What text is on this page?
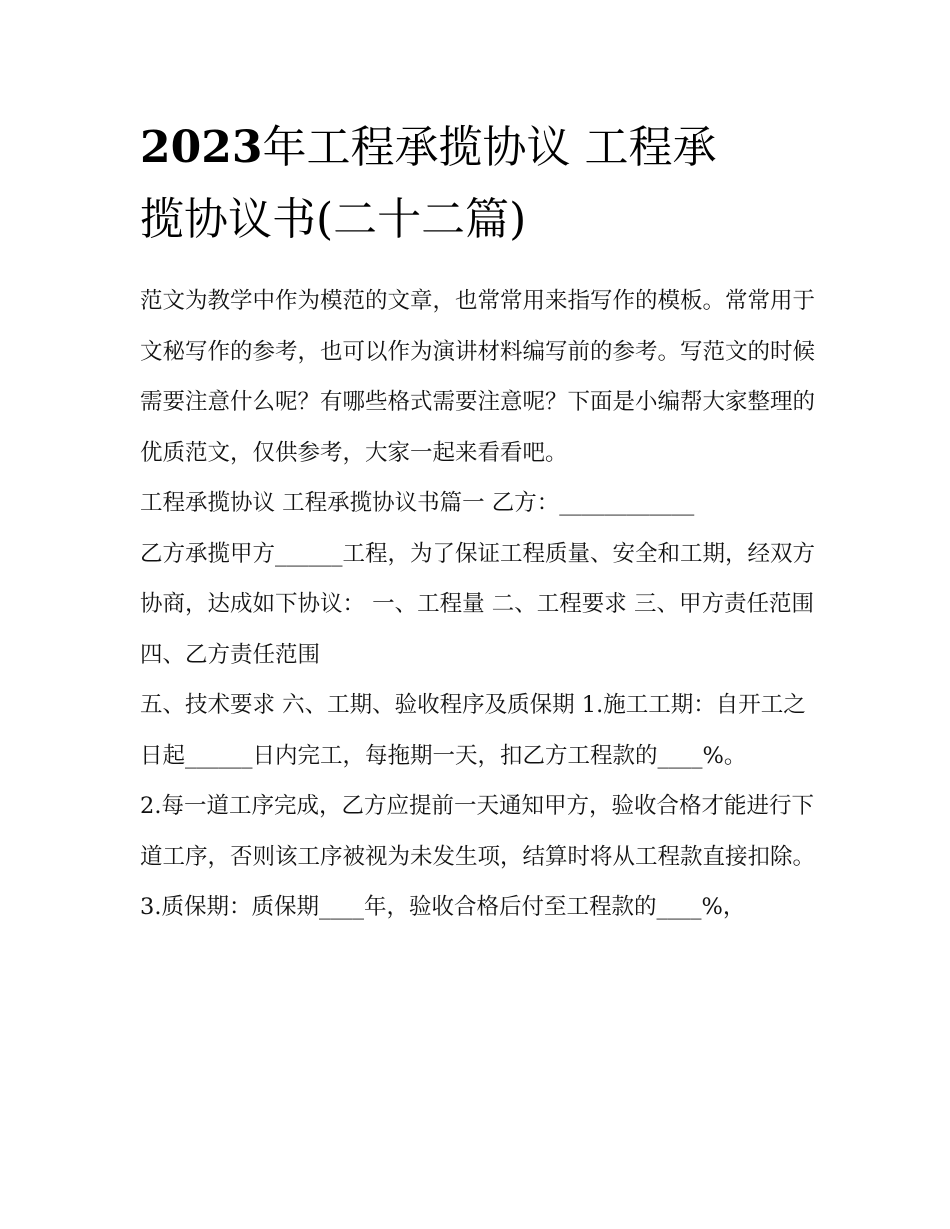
2023年工程承揽协议 工程承
揽协议书(二十二篇)

范文为教学中作为模范的文章，也常常用来指写作的模板。常常用于文秘写作的参考，也可以作为演讲材料编写前的参考。写范文的时候需要注意什么呢？有哪些格式需要注意呢？下面是小编帮大家整理的优质范文，仅供参考，大家一起来看看吧。

工程承揽协议 工程承揽协议书篇一 乙方：____________

乙方承揽甲方______工程，为了保证工程质量、安全和工期，经双方协商，达成如下协议： 一、工程量 二、工程要求 三、甲方责任范围 四、乙方责任范围

五、技术要求 六、工期、验收程序及质保期 1.施工工期：自开工之日起______日内完工，每拖期一天，扣乙方工程款的____%。

2.每一道工序完成，乙方应提前一天通知甲方，验收合格才能进行下道工序，否则该工序被视为未发生项，结算时将从工程款直接扣除。

3.质保期：质保期____年，验收合格后付至工程款的____%，
